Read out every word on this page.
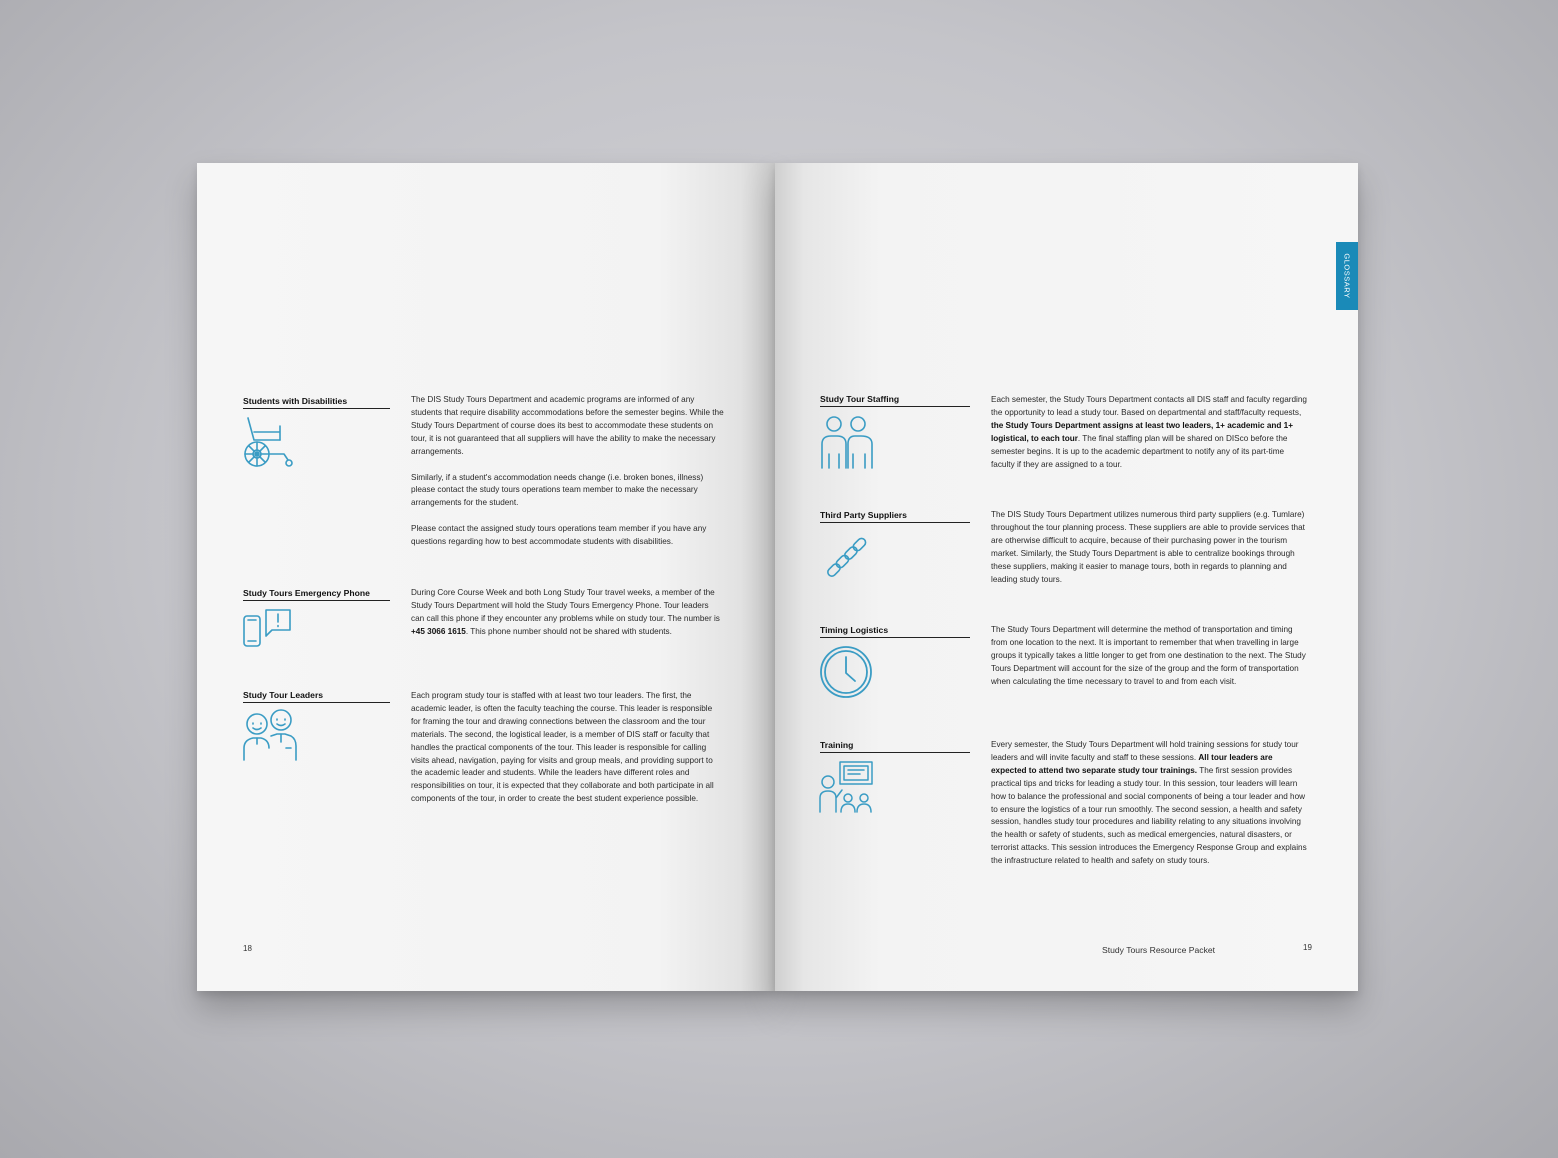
Students with Disabilities	The DIS Study Tours Department and academic programs are informed of any students that require disability accommodations before the semester begins. While the Study Tours Department of course does its best to accommodate these students on tour, it is not guaranteed that all suppliers will have the ability to make the necessary arrangements.

Similarly, if a student's accommodation needs change (i.e. broken bones, illness) please contact the study tours operations team member to make the necessary arrangements for the student.

Please contact the assigned study tours operations team member if you have any questions regarding how to best accommodate students with disabilities.

Study Tours Emergency Phone	During Core Course Week and both Long Study Tour travel weeks, a member of the Study Tours Department will hold the Study Tours Emergency Phone. Tour leaders can call this phone if they encounter any problems while on study tour. The number is +45 3066 1615. This phone number should not be shared with students.

Study Tour Leaders	Each program study tour is staffed with at least two tour leaders. The first, the academic leader, is often the faculty teaching the course. This leader is responsible for framing the tour and drawing connections between the classroom and the tour materials. The second, the logistical leader, is a member of DIS staff or faculty that handles the practical components of the tour. This leader is responsible for calling visits ahead, navigation, paying for visits and group meals, and providing support to the academic leader and students. While the leaders have different roles and responsibilities on tour, it is expected that they collaborate and both participate in all components of the tour, in order to create the best student experience possible.

18
GLOSSARY
Study Tour Staffing	Each semester, the Study Tours Department contacts all DIS staff and faculty regarding the opportunity to lead a study tour. Based on departmental and staff/faculty requests, the Study Tours Department assigns at least two leaders, 1+ academic and 1+ logistical, to each tour. The final staffing plan will be shared on DISco before the semester begins. It is up to the academic department to notify any of its part-time faculty if they are assigned to a tour.

Third Party Suppliers	The DIS Study Tours Department utilizes numerous third party suppliers (e.g. Tumlare) throughout the tour planning process. These suppliers are able to provide services that are otherwise difficult to acquire, because of their purchasing power in the tourism market. Similarly, the Study Tours Department is able to centralize bookings through these suppliers, making it easier to manage tours, both in regards to planning and leading study tours.

Timing Logistics	The Study Tours Department will determine the method of transportation and timing from one location to the next. It is important to remember that when travelling in large groups it typically takes a little longer to get from one destination to the next. The Study Tours Department will account for the size of the group and the form of transportation when calculating the time necessary to travel to and from each visit.

Training	Every semester, the Study Tours Department will hold training sessions for study tour leaders and will invite faculty and staff to these sessions. All tour leaders are expected to attend two separate study tour trainings. The first session provides practical tips and tricks for leading a study tour. In this session, tour leaders will learn how to balance the professional and social components of being a tour leader and how to ensure the logistics of a tour run smoothly. The second session, a health and safety session, handles study tour procedures and liability relating to any situations involving the health or safety of students, such as medical emergencies, natural disasters, or terrorist attacks. This session introduces the Emergency Response Group and explains the infrastructure related to health and safety on study tours.

Study Tours Resource Packet	19
